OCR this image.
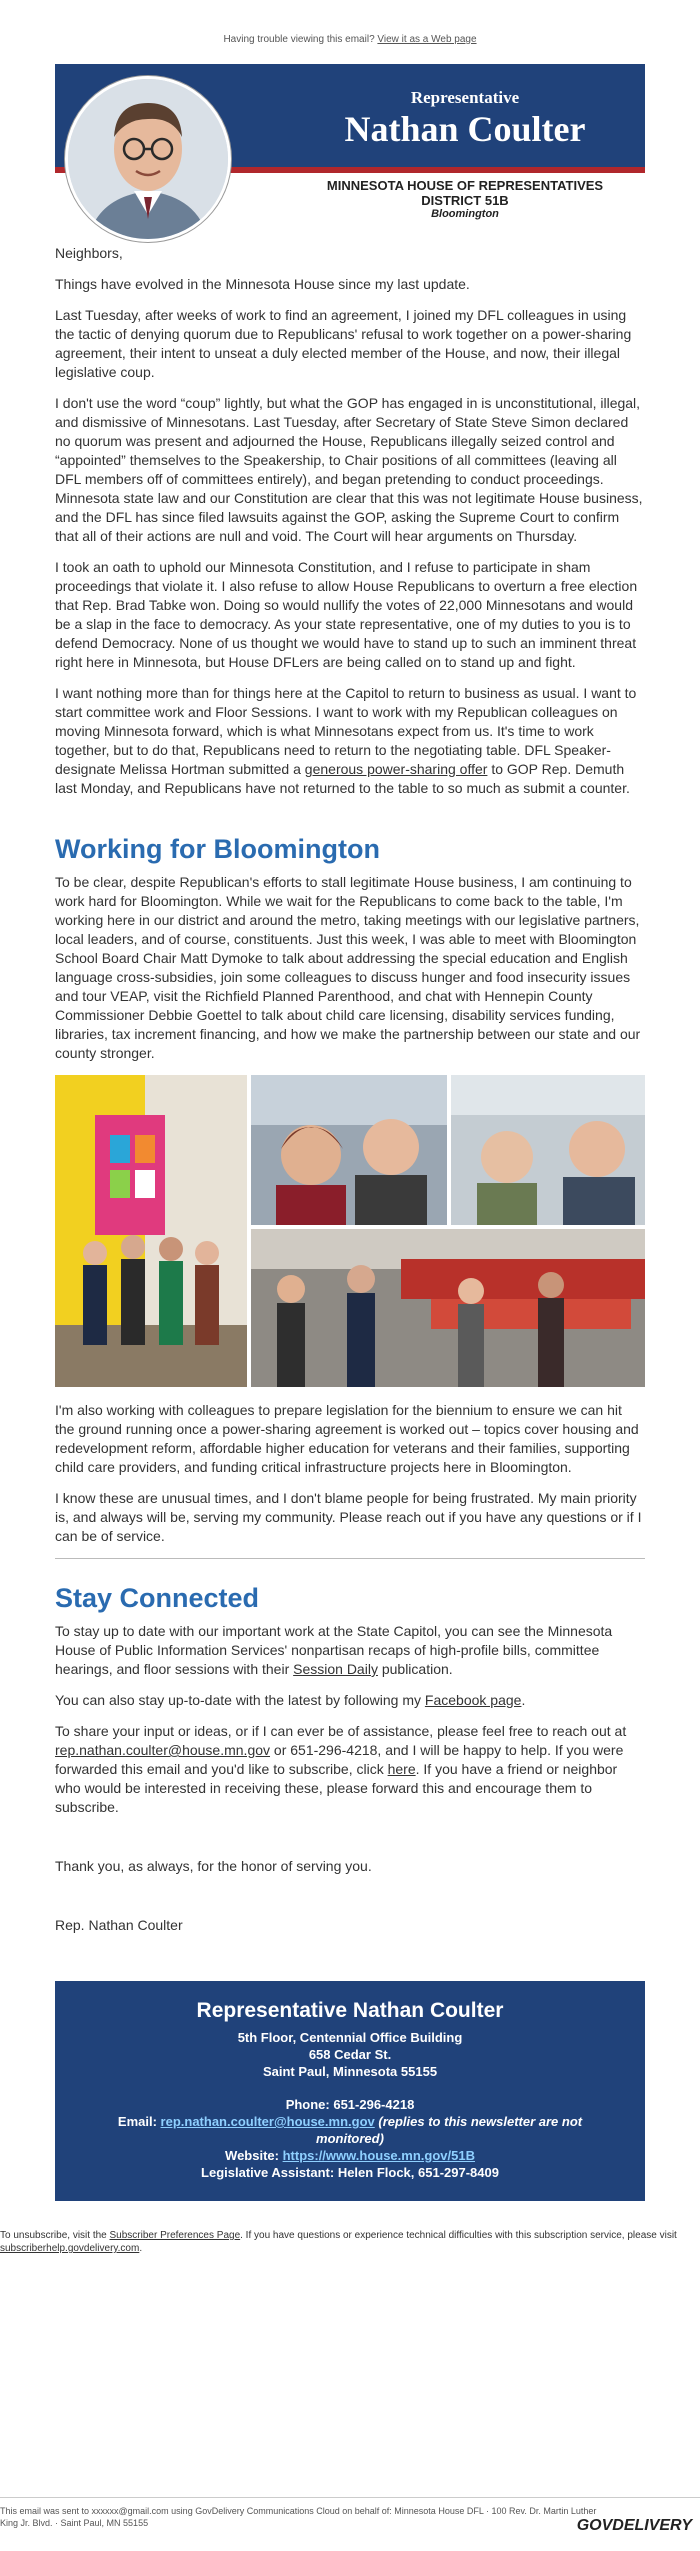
Having trouble viewing this email? View it as a Web page
Representative
Nathan Coulter
MINNESOTA HOUSE OF REPRESENTATIVES
DISTRICT 51B
Bloomington

Neighbors,

Things have evolved in the Minnesota House since my last update.

Last Tuesday, after weeks of work to find an agreement, I joined my DFL colleagues in using the tactic of denying quorum due to Republicans' refusal to work together on a power-sharing agreement, their intent to unseat a duly elected member of the House, and now, their illegal legislative coup.

I don't use the word “coup” lightly, but what the GOP has engaged in is unconstitutional, illegal, and dismissive of Minnesotans. Last Tuesday, after Secretary of State Steve Simon declared no quorum was present and adjourned the House, Republicans illegally seized control and “appointed” themselves to the Speakership, to Chair positions of all committees (leaving all DFL members off of committees entirely), and began pretending to conduct proceedings. Minnesota state law and our Constitution are clear that this was not legitimate House business, and the DFL has since filed lawsuits against the GOP, asking the Supreme Court to confirm that all of their actions are null and void. The Court will hear arguments on Thursday.

I took an oath to uphold our Minnesota Constitution, and I refuse to participate in sham proceedings that violate it. I also refuse to allow House Republicans to overturn a free election that Rep. Brad Tabke won. Doing so would nullify the votes of 22,000 Minnesotans and would be a slap in the face to democracy. As your state representative, one of my duties to you is to defend Democracy. None of us thought we would have to stand up to such an imminent threat right here in Minnesota, but House DFLers are being called on to stand up and fight.

I want nothing more than for things here at the Capitol to return to business as usual. I want to start committee work and Floor Sessions. I want to work with my Republican colleagues on moving Minnesota forward, which is what Minnesotans expect from us. It's time to work together, but to do that, Republicans need to return to the negotiating table. DFL Speaker-designate Melissa Hortman submitted a generous power-sharing offer to GOP Rep. Demuth last Monday, and Republicans have not returned to the table to so much as submit a counter.

Working for Bloomington

To be clear, despite Republican's efforts to stall legitimate House business, I am continuing to work hard for Bloomington. While we wait for the Republicans to come back to the table, I'm working here in our district and around the metro, taking meetings with our legislative partners, local leaders, and of course, constituents. Just this week, I was able to meet with Bloomington School Board Chair Matt Dymoke to talk about addressing the special education and English language cross-subsidies, join some colleagues to discuss hunger and food insecurity issues and tour VEAP, visit the Richfield Planned Parenthood, and chat with Hennepin County Commissioner Debbie Goettel to talk about child care licensing, disability services funding, libraries, tax increment financing, and how we make the partnership between our state and our county stronger.

I'm also working with colleagues to prepare legislation for the biennium to ensure we can hit the ground running once a power-sharing agreement is worked out – topics cover housing and redevelopment reform, affordable higher education for veterans and their families, supporting child care providers, and funding critical infrastructure projects here in Bloomington.

I know these are unusual times, and I don't blame people for being frustrated. My main priority is, and always will be, serving my community. Please reach out if you have any questions or if I can be of service.

Stay Connected

To stay up to date with our important work at the State Capitol, you can see the Minnesota House of Public Information Services' nonpartisan recaps of high-profile bills, committee hearings, and floor sessions with their Session Daily publication.

You can also stay up-to-date with the latest by following my Facebook page.

To share your input or ideas, or if I can ever be of assistance, please feel free to reach out at rep.nathan.coulter@house.mn.gov or 651-296-4218, and I will be happy to help. If you were forwarded this email and you'd like to subscribe, click here. If you have a friend or neighbor who would be interested in receiving these, please forward this and encourage them to subscribe.

Thank you, as always, for the honor of serving you.

Rep. Nathan Coulter

Representative Nathan Coulter
5th Floor, Centennial Office Building
658 Cedar St.
Saint Paul, Minnesota 55155
Phone: 651-296-4218
Email: rep.nathan.coulter@house.mn.gov (replies to this newsletter are not monitored)
Website: https://www.house.mn.gov/51B
Legislative Assistant: Helen Flock, 651-297-8409
To unsubscribe, visit the Subscriber Preferences Page. If you have questions or experience technical difficulties with this subscription service, please visit subscriberhelp.govdelivery.com.
This email was sent to xxxxxx@gmail.com using GovDelivery Communications Cloud on behalf of: Minnesota House DFL · 100 Rev. Dr. Martin Luther King Jr. Blvd. · Saint Paul, MN 55155	GOVDELIVERY
